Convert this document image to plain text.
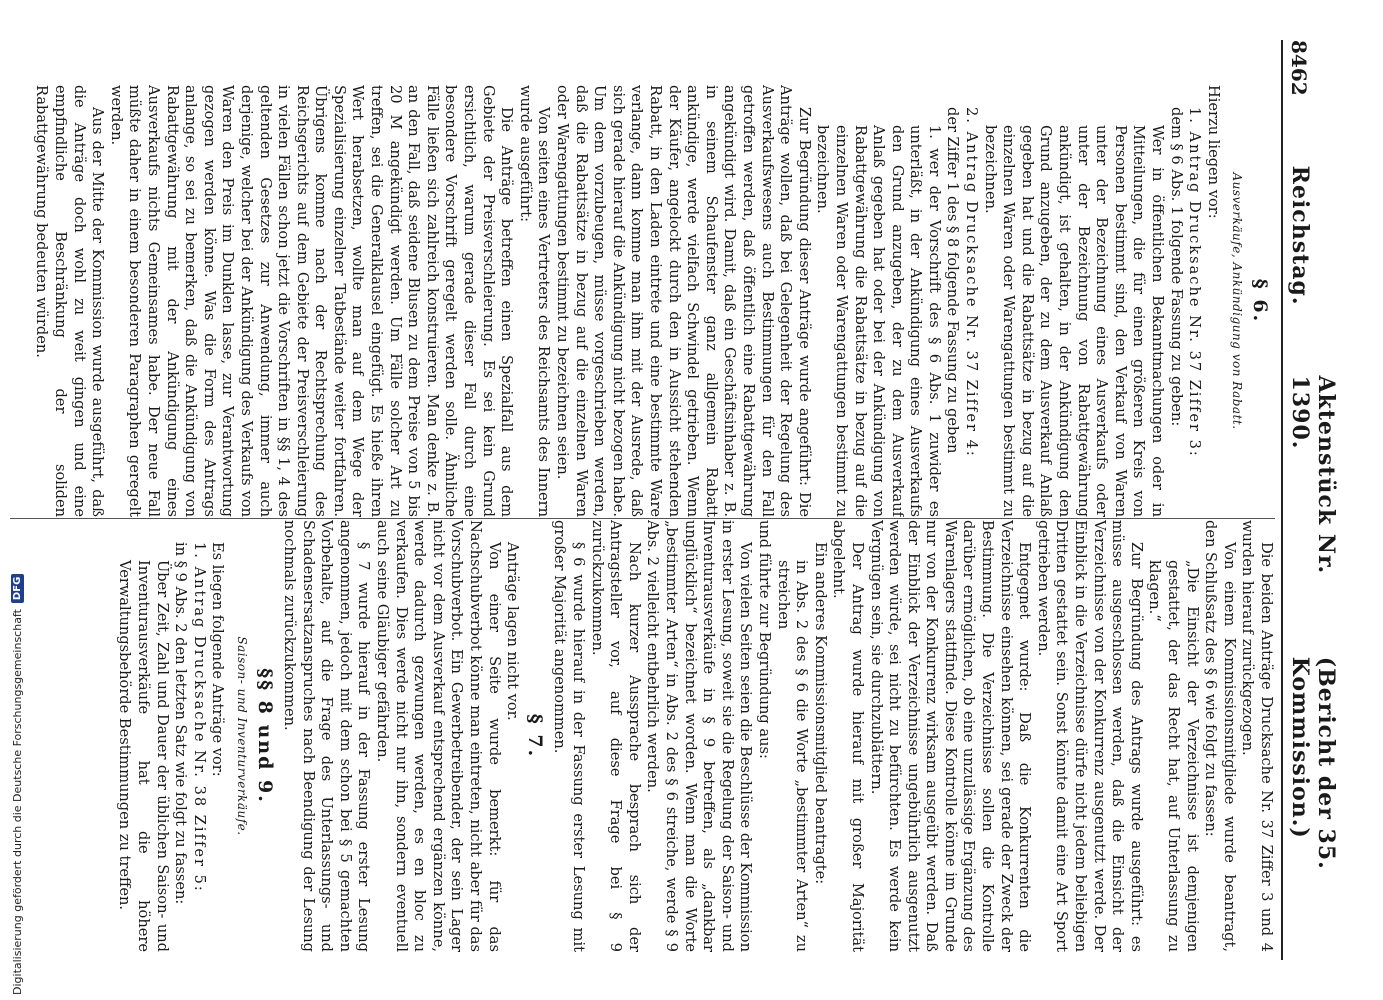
8462
Reichstag.
Aktenstück Nr. 1390.
(Bericht der 35. Kommission.)
§ 6.
Ausverkäufe, Ankündigung von Rabatt.

Hierzu liegen vor:

1. Antrag Drucksache Nr. 37 Ziffer 3:

dem § 6 Abs. 1 folgende Fassung zu geben:

Wer in öffentlichen Bekanntmachungen oder in Mitteilungen, die für einen größeren Kreis von Personen bestimmt sind, den Verkauf von Waren unter der Bezeichnung eines Ausverkaufs oder unter der Bezeichnung von Rabattgewährung ankündigt, ist gehalten, in der Ankündigung den Grund anzugeben, der zu dem Ausverkauf Anlaß gegeben hat und die Rabattsätze in bezug auf die einzelnen Waren oder Warengattungen bestimmt zu bezeichnen.

2. Antrag Drucksache Nr. 37 Ziffer 4:

der Ziffer 1 des § 8 folgende Fassung zu geben

1. wer der Vorschrift des § 6 Abs. 1 zuwider es unterläßt, in der Ankündigung eines Ausverkaufs den Grund anzugeben, der zu dem Ausverkauf Anlaß gegeben hat oder bei der Ankündigung von Rabattgewährung die Rabattsätze in bezug auf die einzelnen Waren oder Warengattungen bestimmt zu bezeichnen.

Zur Begründung dieser Anträge wurde angeführt: Die Anträge wollen, daß bei Gelegenheit der Regelung des Ausverkaufswesens auch Bestimmungen für den Fall getroffen werden, daß öffentlich eine Rabattgewährung angekündigt wird. Damit, daß ein Geschäftsinhaber z. B. in seinem Schaufenster ganz allgemein Rabatt ankündige, werde vielfach Schwindel getrieben. Wenn der Käufer, angelockt durch den in Aussicht stehenden Rabatt, in den Laden eintrete und eine bestimmte Ware verlange, dann komme man ihm mit der Ausrede, daß sich gerade hierauf die Ankündigung nicht bezogen habe. Um dem vorzubeugen, müsse vorgeschrieben werden, daß die Rabattsätze in bezug auf die einzelnen Waren oder Warengattungen bestimmt zu bezeichnen seien.

Von seiten eines Vertreters des Reichsamts des Innern wurde ausgeführt:

Die Anträge betreffen einen Spezialfall aus dem Gebiete der Preisverschleierung. Es sei kein Grund ersichtlich, warum gerade dieser Fall durch eine besondere Vorschrift geregelt werden solle. Ähnliche Fälle ließen sich zahlreich konstruieren. Man denke z. B. an den Fall, daß seidene Blusen zu dem Preise von 5 bis 20 M angekündigt werden. Um Fälle solcher Art zu treffen, sei die Generalklausel eingefügt. Es hieße ihren Wert herabsetzen, wollte man auf dem Wege der Spezialisierung einzelner Tatbestände weiter fortfahren. Übrigens komme nach der Rechtsprechung des Reichsgerichts auf dem Gebiete der Preisverschleierung in vielen Fällen schon jetzt die Vorschriften in §§ 1, 4 des geltenden Gesetzes zur Anwendung, immer auch derjenige, welcher bei der Ankündigung des Verkaufs von Waren den Preis im Dunklen lasse, zur Verantwortung gezogen werden könne. Was die Form des Antrags anlange, so sei zu bemerken, daß die Ankündigung von Rabattgewährung mit der Ankündigung eines Ausverkaufs nichts Gemeinsames habe. Der neue Fall müßte daher in einem besonderen Paragraphen geregelt werden.

Aus der Mitte der Kommission wurde ausgeführt, daß die Anträge doch wohl zu weit gingen und eine empfindliche Beschränkung der soliden Rabattgewährung bedeuten würden.

Die beiden Anträge Drucksache Nr. 37 Ziffer 3 und 4 wurden hierauf zurückgezogen.

Von einem Kommissionsmitgliede wurde beantragt, den Schlußsatz des § 6 wie folgt zu fassen:

„Die Einsicht der Verzeichnisse ist demjenigen gestattet, der das Recht hat, auf Unterlassung zu klagen.“

Zur Begründung des Antrags wurde ausgeführt: es müsse ausgeschlossen werden, daß die Einsicht der Verzeichnisse von der Konkurrenz ausgenutzt werde. Der Einblick in die Verzeichnisse dürfe nicht jedem beliebigen Dritten gestattet sein. Sonst könnte damit eine Art Sport getrieben werden.

Entgegnet wurde: Daß die Konkurrenten die Verzeichnisse einsehen können, sei gerade der Zweck der Bestimmung. Die Verzeichnisse sollen die Kontrolle darüber ermöglichen, ob eine unzulässige Ergänzung des Warenlagers stattfinde. Diese Kontrolle könne im Grunde nur von der Konkurrenz wirksam ausgeübt werden. Daß der Einblick der Verzeichnisse ungebührlich ausgenutzt werden würde, sei nicht zu befürchten. Es werde kein Vergnügen sein, sie durchzublättern.

Der Antrag wurde hierauf mit großer Majorität abgelehnt.

Ein anderes Kommissionsmitglied beantragte:

in Abs. 2 des § 6 die Worte „bestimmter Arten“ zu streichen

und führte zur Begründung aus:

Von vielen Seiten seien die Beschlüsse der Kommission in erster Lesung, soweit sie die Regelung der Saison- und Inventurausverkäufe in § 9 betreffen, als „dankbar unglücklich“ bezeichnet worden. Wenn man die Worte „bestimmter Arten“ in Abs. 2 des § 6 streiche, werde § 9 Abs. 2 vielleicht entbehrlich werden.

Nach kurzer Aussprache besprach sich der Antragsteller vor, auf diese Frage bei § 9 zurückzukommen.

§ 6 wurde hierauf in der Fassung erster Lesung mit großer Majorität angenommen.

§ 7.

Anträge lagen nicht vor.

Von einer Seite wurde bemerkt: für das Nachschubverbot könne man eintreten, nicht aber für das Vorschubverbot. Ein Gewerbetreibender, der sein Lager nicht vor dem Ausverkauf entsprechend ergänzen könne, werde dadurch gezwungen werden, es en bloc zu verkaufen. Dies werde nicht nur ihn, sondern eventuell auch seine Gläubiger gefährden.

§ 7 wurde hierauf in der Fassung erster Lesung angenommen, jedoch mit dem schon bei § 5 gemachten Vorbehalte, auf die Frage des Unterlassungs- und Schadensersatzanspruches nach Beendigung der Lesung nochmals zurückzukommen.

§§ 8 und 9.
Saison- und Inventurverkäufe.

Es liegen folgende Anträge vor:

1. Antrag Drucksache Nr. 38 Ziffer 5:

in § 9 Abs. 2 den letzten Satz wie folgt zu fassen:

Über Zeit, Zahl und Dauer der üblichen Saison- und Inventurausverkäufe hat die höhere Verwaltungsbehörde Bestimmungen zu treffen.

Digitalisierung gefördert durch die Deutsche Forschungsgemeinschaft
DFG
